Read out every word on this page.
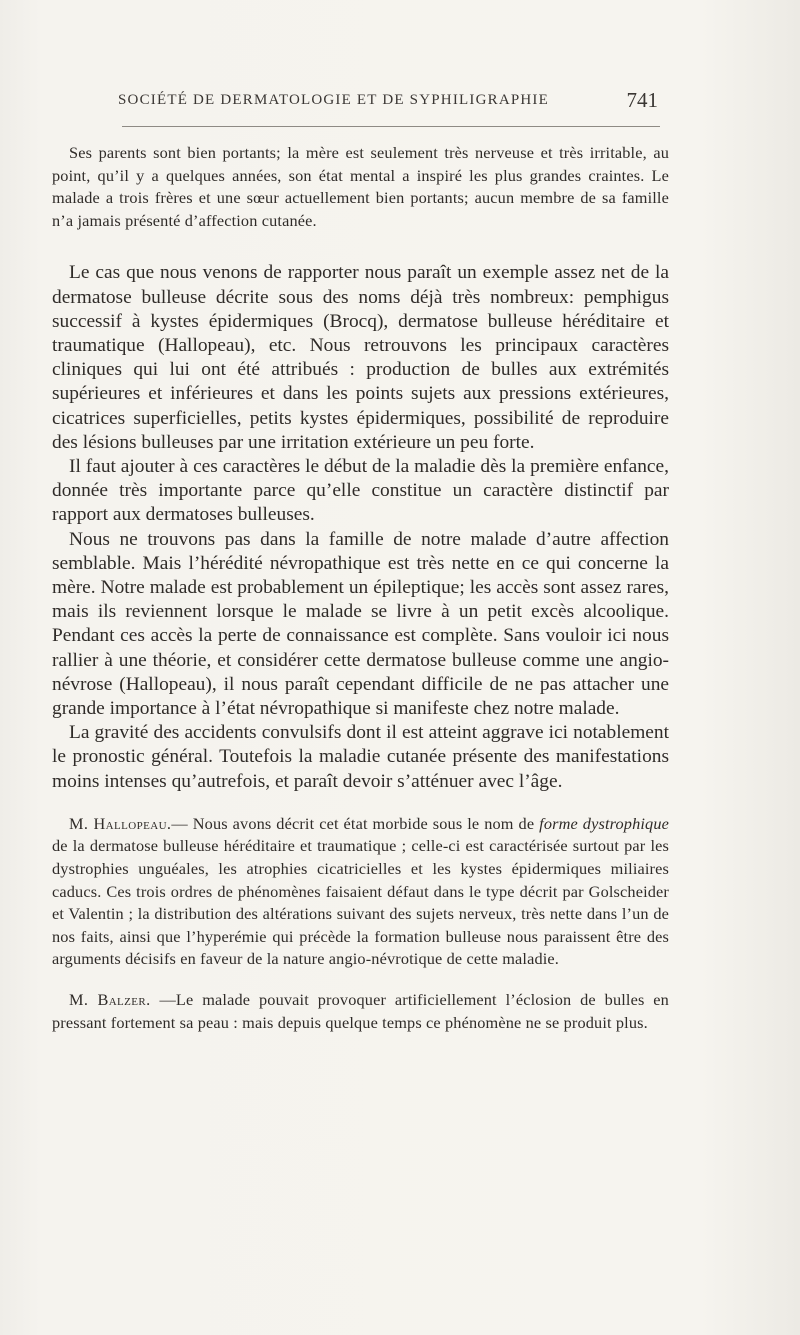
SOCIÉTÉ DE DERMATOLOGIE ET DE SYPHILIGRAPHIE	741

Ses parents sont bien portants; la mère est seulement très nerveuse et très irritable, au point, qu’il y a quelques années, son état mental a inspiré les plus grandes craintes. Le malade a trois frères et une sœur actuellement bien portants; aucun membre de sa famille n’a jamais présenté d’affection cutanée.

Le cas que nous venons de rapporter nous paraît un exemple assez net de la dermatose bulleuse décrite sous des noms déjà très nombreux: pemphigus successif à kystes épidermiques (Brocq), dermatose bulleuse héréditaire et traumatique (Hallopeau), etc. Nous retrouvons les principaux caractères cliniques qui lui ont été attribués : production de bulles aux extrémités supérieures et inférieures et dans les points sujets aux pressions extérieures, cicatrices superficielles, petits kystes épidermiques, possibilité de reproduire des lésions bulleuses par une irritation extérieure un peu forte.

Il faut ajouter à ces caractères le début de la maladie dès la première enfance, donnée très importante parce qu’elle constitue un caractère distinctif par rapport aux dermatoses bulleuses.

Nous ne trouvons pas dans la famille de notre malade d’autre affection semblable. Mais l’hérédité névropathique est très nette en ce qui concerne la mère. Notre malade est probablement un épileptique; les accès sont assez rares, mais ils reviennent lorsque le malade se livre à un petit excès alcoolique. Pendant ces accès la perte de connaissance est complète. Sans vouloir ici nous rallier à une théorie, et considérer cette dermatose bulleuse comme une angio-névrose (Hallopeau), il nous paraît cependant difficile de ne pas attacher une grande importance à l’état névropathique si manifeste chez notre malade.

La gravité des accidents convulsifs dont il est atteint aggrave ici notablement le pronostic général. Toutefois la maladie cutanée présente des manifestations moins intenses qu’autrefois, et paraît devoir s’atténuer avec l’âge.

M. Hallopeau.— Nous avons décrit cet état morbide sous le nom de forme dystrophique de la dermatose bulleuse héréditaire et traumatique ; celle-ci est caractérisée surtout par les dystrophies unguéales, les atrophies cicatricielles et les kystes épidermiques miliaires caducs. Ces trois ordres de phénomènes faisaient défaut dans le type décrit par Golscheider et Valentin ; la distribution des altérations suivant des sujets nerveux, très nette dans l’un de nos faits, ainsi que l’hyperémie qui précède la formation bulleuse nous paraissent être des arguments décisifs en faveur de la nature angio-névrotique de cette maladie.

M. Balzer. —Le malade pouvait provoquer artificiellement l’éclosion de bulles en pressant fortement sa peau : mais depuis quelque temps ce phénomène ne se produit plus.
